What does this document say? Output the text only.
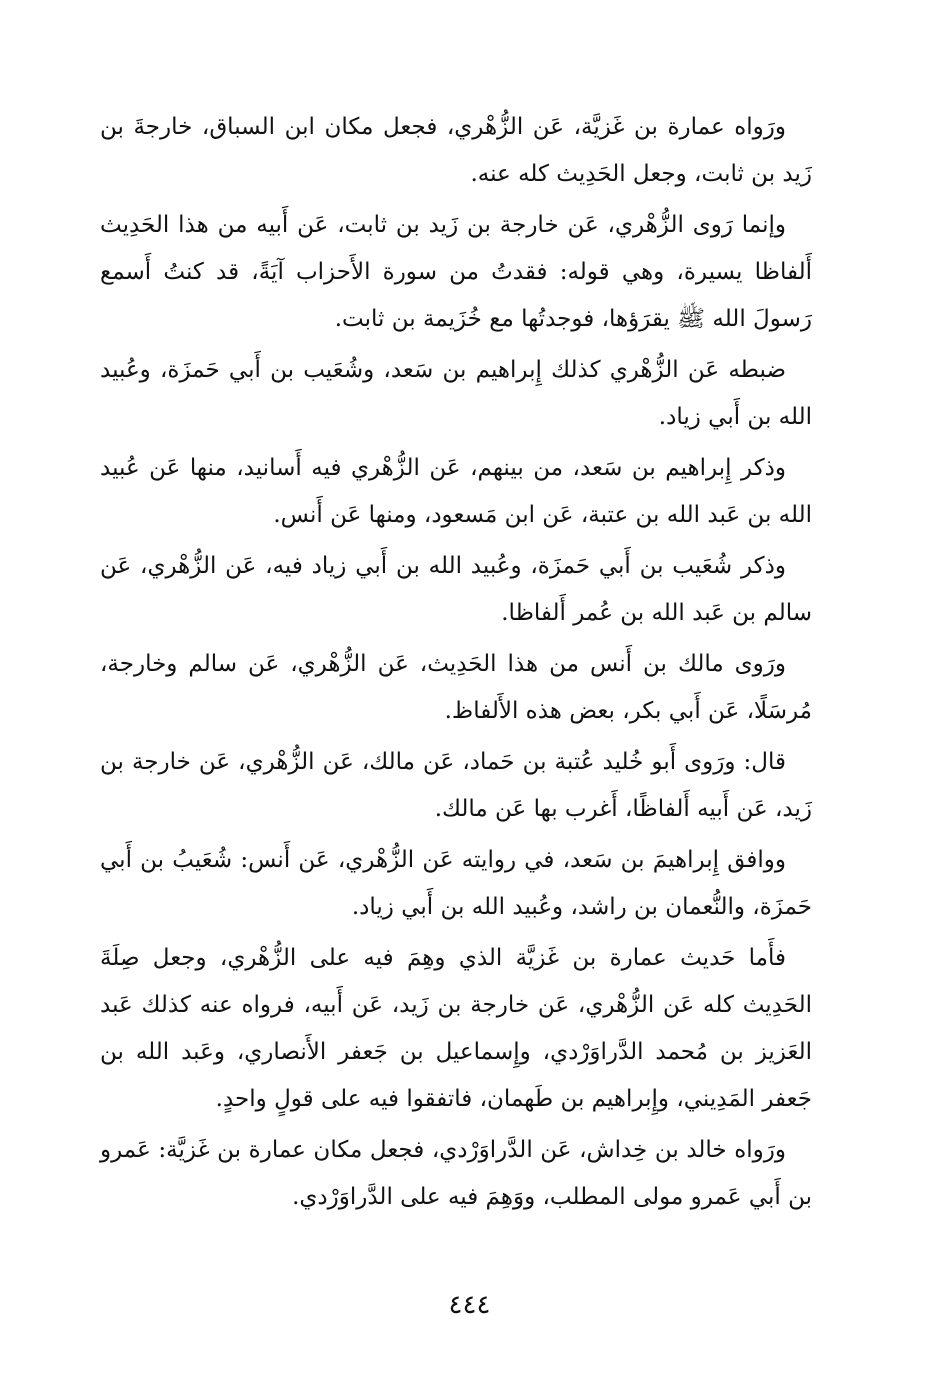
ورَواه عمارة بن غَزيَّة، عَن الزُّهْري، فجعل مكان ابن السباق، خارجةَ بن زَيد بن ثابت، وجعل الحَدِيث كله عنه.

وإنما رَوى الزُّهْري، عَن خارجة بن زَيد بن ثابت، عَن أَبيه من هذا الحَدِيث أَلفاظا يسيرة، وهي قوله: فقدتُ من سورة الأَحزاب آيَةً، قد كنتُ أَسمع رَسولَ الله ﷺ يقرَؤها، فوجدتُها مع خُزَيمة بن ثابت.

ضبطه عَن الزُّهْري كذلك إِبراهيم بن سَعد، وشُعَيب بن أَبي حَمزَة، وعُبيد الله بن أَبي زياد.

وذكر إِبراهيم بن سَعد، من بينهم، عَن الزُّهْري فيه أَسانيد، منها عَن عُبيد الله بن عَبد الله بن عتبة، عَن ابن مَسعود، ومنها عَن أَنس.

وذكر شُعَيب بن أَبي حَمزَة، وعُبيد الله بن أَبي زياد فيه، عَن الزُّهْري، عَن سالم بن عَبد الله بن عُمر أَلفاظا.

ورَوى مالك بن أَنس من هذا الحَدِيث، عَن الزُّهْري، عَن سالم وخارجة، مُرسَلًا، عَن أَبي بكر، بعض هذه الأَلفاظ.

قال: ورَوى أَبو خُليد عُتبة بن حَماد، عَن مالك، عَن الزُّهْري، عَن خارجة بن زَيد، عَن أَبيه أَلفاظًا، أَغرب بها عَن مالك.

ووافق إِبراهيمَ بن سَعد، في روايته عَن الزُّهْري، عَن أَنس: شُعَيبُ بن أَبي حَمزَة، والنُّعمان بن راشد، وعُبيد الله بن أَبي زياد.

فأَما حَديث عمارة بن غَزيَّة الذي وهِمَ فيه على الزُّهْري، وجعل صِلَةَ الحَدِيث كله عَن الزُّهْري، عَن خارجة بن زَيد، عَن أَبيه، فرواه عنه كذلك عَبد العَزيز بن مُحمد الدَّراوَرْدي، وإِسماعيل بن جَعفر الأَنصاري، وعَبد الله بن جَعفر المَدِيني، وإِبراهيم بن طَهمان، فاتفقوا فيه على قولٍ واحدٍ.

ورَواه خالد بن خِداش، عَن الدَّراوَرْدي، فجعل مكان عمارة بن غَزيَّة: عَمرو بن أَبي عَمرو مولى المطلب، ووَهِمَ فيه على الدَّراوَرْدي.

٤٤٤
